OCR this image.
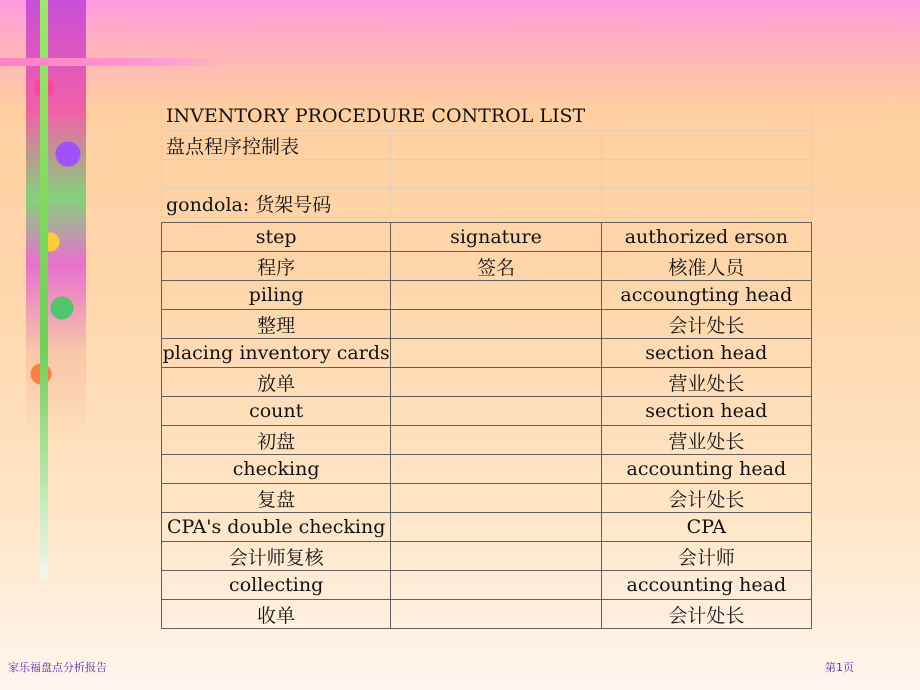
INVENTORY PROCEDURE CONTROL LIST		
盘点程序控制表		

gondola: 货架号码		
step	signature	authorized erson
程序	签名	核准人员
piling		accoungting head
整理		会计处长
placing inventory cards		section head
放单		营业处长
count		section head
初盘		营业处长
checking		accounting head
复盘		会计处长
CPA's double checking		CPA
会计师复核		会计师
collecting		accounting head
收单		会计处长
家乐福盘点分析报告	第1页
